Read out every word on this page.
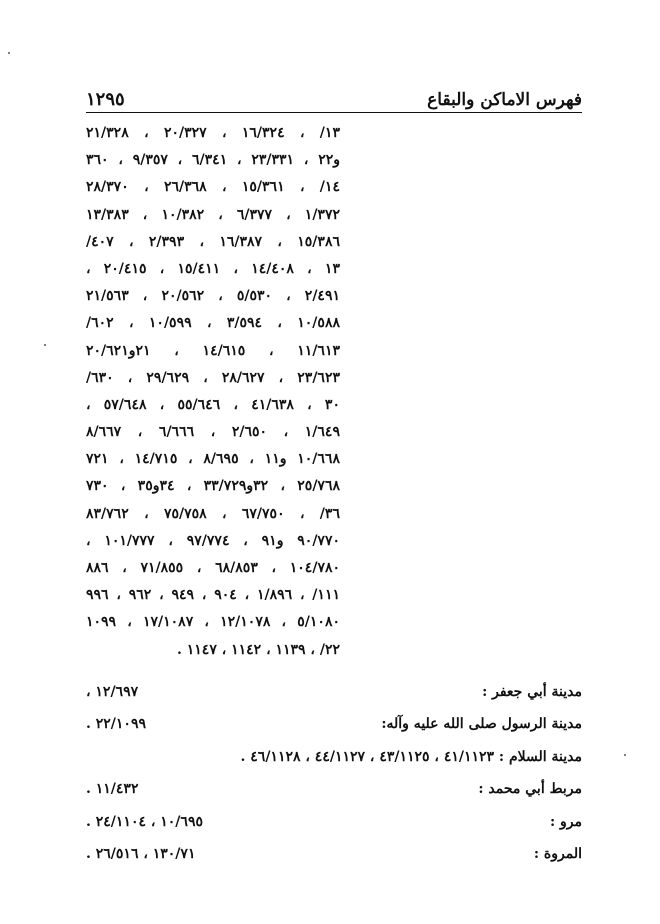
١٢٩٥	فهرس الاماكن والبقاع
١٣/ ، ١٦/٣٢٤ ، ٢٠/٣٢٧ ، ٢١/٣٢٨
و٢٢ ، ٢٣/٣٣١ ، ٦/٣٤١ ، ٩/٣٥٧ ، ٣٦٠
١٤/ ، ١٥/٣٦١ ، ٢٦/٣٦٨ ، ٢٨/٣٧٠
١/٣٧٢ ، ٦/٣٧٧ ، ١٠/٣٨٢ ، ١٣/٣٨٣
١٥/٣٨٦ ، ١٦/٣٨٧ ، ٢/٣٩٣ ، ٤٠٧/
١٣ ، ١٤/٤٠٨ ، ١٥/٤١١ ، ٢٠/٤١٥ ،
٢/٤٩١ ، ٥/٥٣٠ ، ٢٠/٥٦٢ ، ٢١/٥٦٣
١٠/٥٨٨ ، ٣/٥٩٤ ، ١٠/٥٩٩ ، ٦٠٢/
١١/٦١٣ ، ١٤/٦١٥ ، ٢١و٢٠/٦٢١
٢٣/٦٢٣ ، ٢٨/٦٢٧ ، ٢٩/٦٢٩ ، ٦٣٠/
٣٠ ، ٤١/٦٣٨ ، ٥٥/٦٤٦ ، ٥٧/٦٤٨ ،
١/٦٤٩ ، ٢/٦٥٠ ، ٦/٦٦٦ ، ٨/٦٦٧
١٠/٦٦٨ و١١ ، ٨/٦٩٥ ، ١٤/٧١٥ ، ٧٢١
٢٥/٧٦٨ ، ٣٢و٣٣/٧٢٩ ، ٣٤و٣٥ ، ٧٣٠
٣٦/ ، ٦٧/٧٥٠ ، ٧٥/٧٥٨ ، ٨٣/٧٦٢
٩٠/٧٧٠ و٩١ ، ٩٧/٧٧٤ ، ١٠١/٧٧٧ ،
١٠٤/٧٨٠ ، ٦٨/٨٥٣ ، ٧١/٨٥٥ ، ٨٨٦
١١١/ ، ١/٨٩٦ ، ٩٠٤ ، ٩٤٩ ، ٩٦٢ ، ٩٩٦
٥/١٠٨٠ ، ١٢/١٠٧٨ ، ١٧/١٠٨٧ ، ١٠٩٩
٢٢/ ، ١١٣٩ ، ١١٤٢ ، ١١٤٧ .
مدينة أبي جعفر :
١٢/٦٩٧ ،
مدينة الرسول صلى الله عليه وآله:
٢٢/١٠٩٩ .
مدينة السلام : ٤١/١١٢٣ ، ٤٣/١١٢٥ ، ٤٤/١١٢٧ ، ٤٦/١١٢٨ .
مربط أبي محمد :
١١/٤٣٢ .
مرو :
١٠/٦٩٥ ، ٢٤/١١٠٤ .
المروة :
١٣٠/٧١ ، ٢٦/٥١٦ .
